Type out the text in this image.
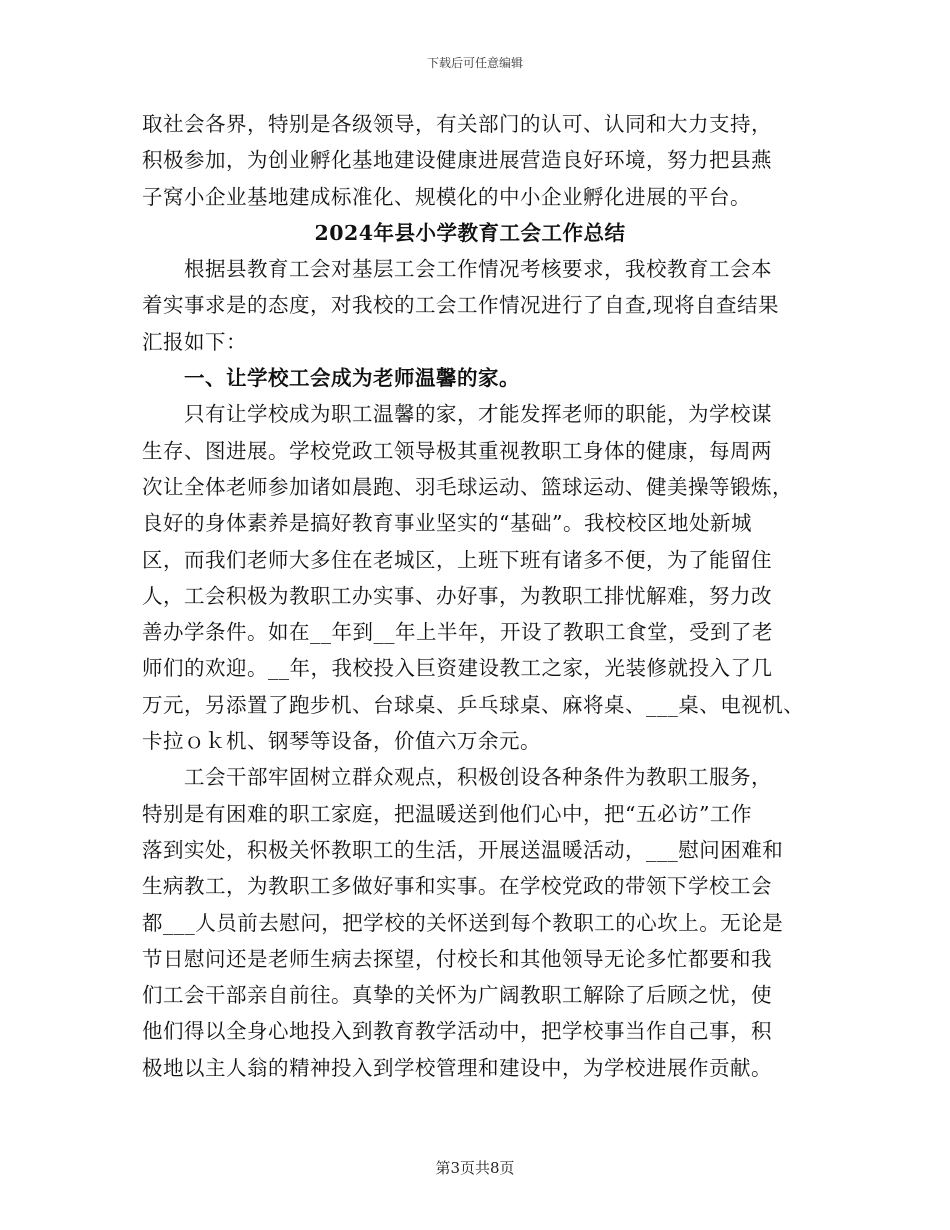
下载后可任意编辑
取社会各界，特别是各级领导，有关部门的认可、认同和大力支持，
积极参加，为创业孵化基地建设健康进展营造良好环境，努力把县燕
子窝小企业基地建成标准化、规模化的中小企业孵化进展的平台。
2024年县小学教育工会工作总结
根据县教育工会对基层工会工作情况考核要求，我校教育工会本
着实事求是的态度，对我校的工会工作情况进行了自查,现将自查结果
汇报如下：
一、让学校工会成为老师温馨的家。
只有让学校成为职工温馨的家，才能发挥老师的职能，为学校谋
生存、图进展。学校党政工领导极其重视教职工身体的健康，每周两
次让全体老师参加诸如晨跑、羽毛球运动、篮球运动、健美操等锻炼，
良好的身体素养是搞好教育事业坚实的“基础”。我校校区地处新城
区，而我们老师大多住在老城区，上班下班有诸多不便，为了能留住
人，工会积极为教职工办实事、办好事，为教职工排忧解难，努力改
善办学条件。如在__年到__年上半年，开设了教职工食堂，受到了老
师们的欢迎。__年，我校投入巨资建设教工之家，光装修就投入了几
万元，另添置了跑步机、台球桌、乒乓球桌、麻将桌、___桌、电视机、
卡拉ｏｋ机、钢琴等设备，价值六万余元。
工会干部牢固树立群众观点，积极创设各种条件为教职工服务，
特别是有困难的职工家庭，把温暖送到他们心中，把“五必访”工作
落到实处，积极关怀教职工的生活，开展送温暖活动，___慰问困难和
生病教工，为教职工多做好事和实事。在学校党政的带领下学校工会
都___人员前去慰问，把学校的关怀送到每个教职工的心坎上。无论是
节日慰问还是老师生病去探望，付校长和其他领导无论多忙都要和我
们工会干部亲自前往。真挚的关怀为广阔教职工解除了后顾之忧，使
他们得以全身心地投入到教育教学活动中，把学校事当作自己事，积
极地以主人翁的精神投入到学校管理和建设中，为学校进展作贡献。
第3页共8页
